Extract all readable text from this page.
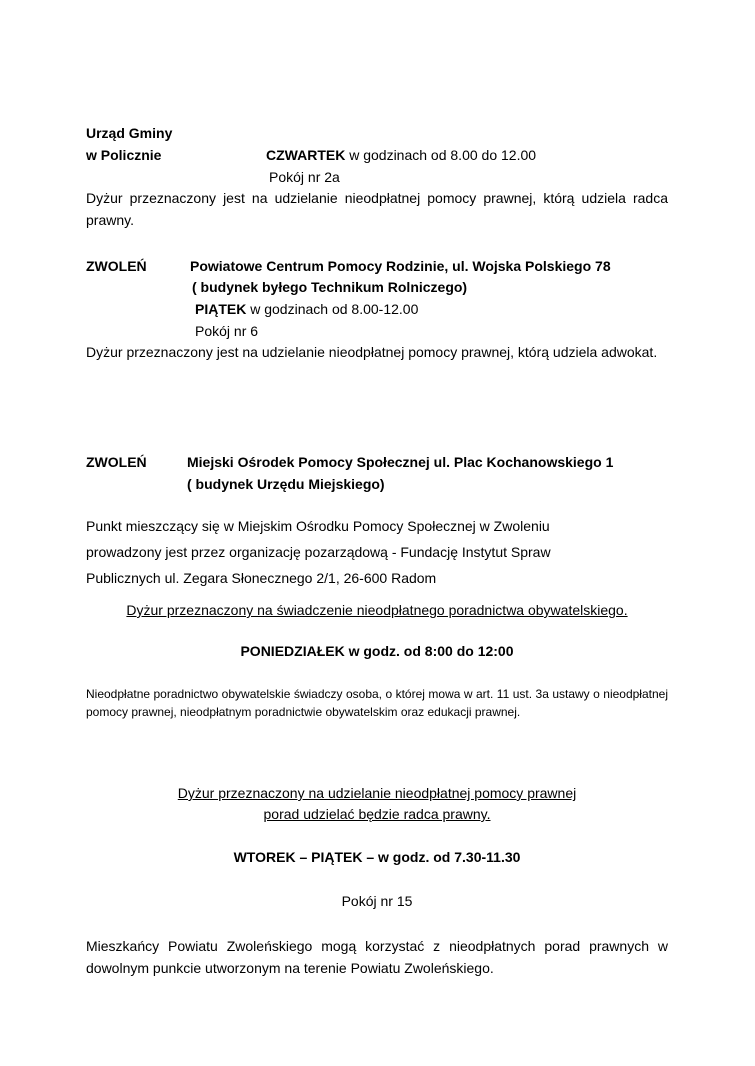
Urząd Gminy
w Policznie	CZWARTEK w godzinach od 8.00 do 12.00
Pokój nr 2a

Dyżur przeznaczony jest na udzielanie nieodpłatnej pomocy prawnej, którą udziela radca prawny.

ZWOLEŃ	Powiatowe Centrum Pomocy Rodzinie, ul. Wojska Polskiego 78
( budynek byłego Technikum Rolniczego)
PIĄTEK w godzinach od 8.00-12.00
Pokój nr 6

Dyżur przeznaczony jest na udzielanie nieodpłatnej pomocy prawnej, którą udziela adwokat.

ZWOLEŃ	Miejski Ośrodek Pomocy Społecznej ul. Plac Kochanowskiego 1
( budynek Urzędu Miejskiego)
Punkt mieszczący się w Miejskim Ośrodku Pomocy Społecznej w Zwoleniu
prowadzony jest przez organizację pozarządową - Fundację Instytut Spraw
Publicznych ul. Zegara Słonecznego 2/1, 26-600 Radom
Dyżur przeznaczony na świadczenie nieodpłatnego poradnictwa obywatelskiego.
PONIEDZIAŁEK w godz. od 8:00 do 12:00

Nieodpłatne poradnictwo obywatelskie świadczy osoba, o której mowa w art. 11 ust. 3a ustawy o nieodpłatnej pomocy prawnej, nieodpłatnym poradnictwie obywatelskim oraz edukacji prawnej.

Dyżur przeznaczony na udzielanie nieodpłatnej pomocy prawnej
porad udzielać będzie radca prawny.
WTOREK – PIĄTEK – w godz. od 7.30-11.30
Pokój nr 15

Mieszkańcy Powiatu Zwoleńskiego mogą korzystać z nieodpłatnych porad prawnych w dowolnym punkcie utworzonym na terenie Powiatu Zwoleńskiego.
